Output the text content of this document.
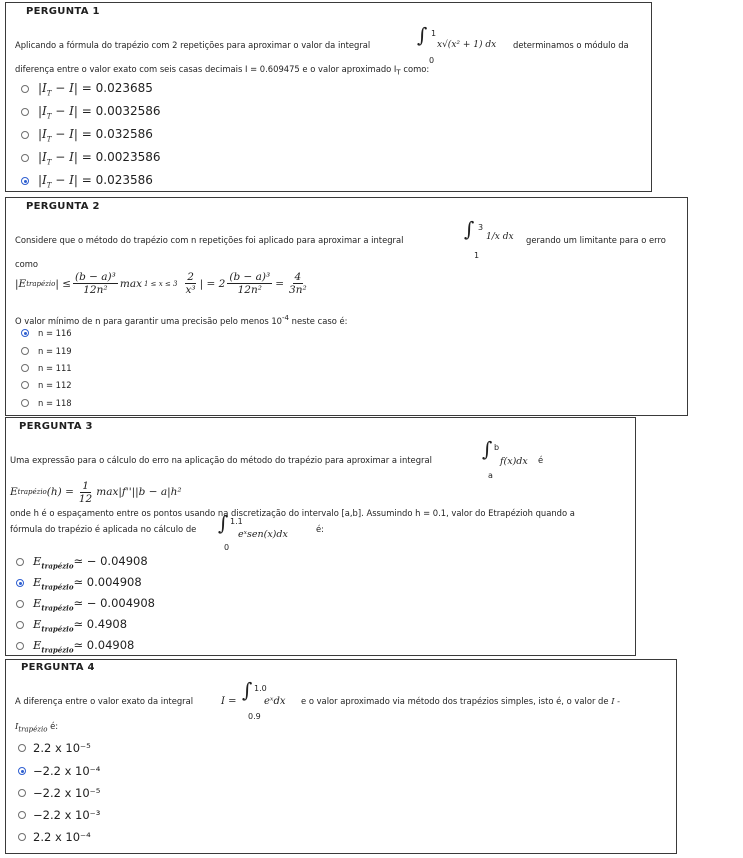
PERGUNTA 1
Aplicando a fórmula do trapézio com 2 repetições para aproximar o valor da integral ∫ 1
0
x√(x² + 1) dx determinamos o módulo da
diferença entre o valor exato com seis casas decimais I = 0.609475 e o valor aproximado $I_T$ como:
$|I_T - I| = 0.023685$
$|I_T - I| = 0.0032586$
$|I_T - I| = 0.032586$
$|I_T - I| = 0.0023586$
$|I_T - I| = 0.023586$
PERGUNTA 2
Considere que o método do trapézio com n repetições foi aplicado para aproximar a integral	∫ 3
1
1/x dx gerando um limitante para o erro
como
|E trapézio | ≤ $\frac{\text{(b − a)³}}{\text{12n²}}$ $\max 1 \le x \le 3 \frac{2}{\text{x³}}$ | = $2 \frac{\text{(b − a)³}}{\text{12n²}} = \frac{4}{\text{3n²}}$
O valor mínimo de n para garantir uma precisão pelo menos $10^{-4}$ neste caso é:
n = 116
n = 119
n = 111
n = 112
n = 118
PERGUNTA 3
Uma expressão para o cálculo do erro na aplicação do método do trapézio para aproximar a integral	∫ b
a
f(x)dx é
E trapézio $(h) = \frac{1}{12} \max|f''||b - a|h^2$
onde h é o espaçamento entre os pontos usando na discretização do intervalo [a,b]. Assumindo h = 0.1, valor do Etrapézioh quando a
fórmula do trapézio é aplicada no cálculo de ∫ 1.1
0
eˣsen(x)dx	é:
$E_{trapézio}≃ - 0.04908$
$E_{trapézio}≃$ 0.004908
$E_{trapézio}≃ - 0.004908$
$E_{trapézio}≃$ 0.4908
$E_{trapézio}≃$ 0.04908
PERGUNTA 4
A diferença entre o valor exato da integral	I = ∫ 1.0
0.9
eˣdx e o valor aproximado via método dos trapézios simples, isto é, o valor de I -
$I_{trapézio}$ é:
2.2 x 10⁻⁵
−2.2 x 10⁻⁴
−2.2 x 10⁻⁵
−2.2 x 10⁻³
2.2 x 10⁻⁴
